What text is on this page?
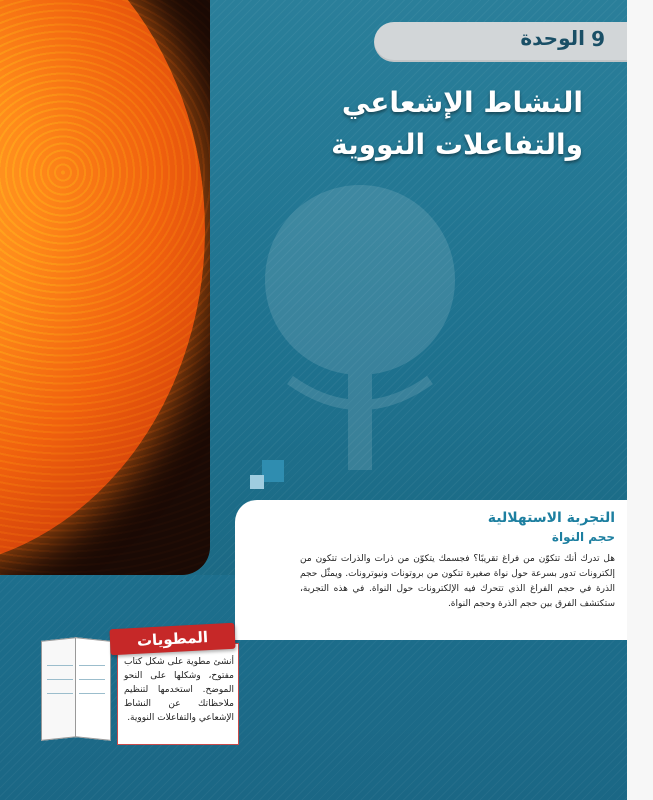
الوحدة 9
النشاط الإشعاعي
والتفاعلات النووية
التجربة الاستهلالية
حجم النواة
هل تدرك أنك تتكوّن من فراغ تقريبًا؟ فجسمك يتكوّن من ذرات والذرات تتكون من إلكترونات تدور بسرعة حول نواة صغيرة تتكون من بروتونات ونيوترونات. ويمثّل حجم الذرة في حجم الفراغ الذي تتحرك فيه الإلكترونات حول النواة. في هذه التجربة، ستكتشف الفرق بين حجم الذرة وحجم النواة.
المطويات
أنشئ مطوية على شكل كتاب مفتوح، وشكلها على النحو الموضح. استخدمها لتنظيم ملاحظاتك عن النشاط الإشعاعي والتفاعلات النووية.
